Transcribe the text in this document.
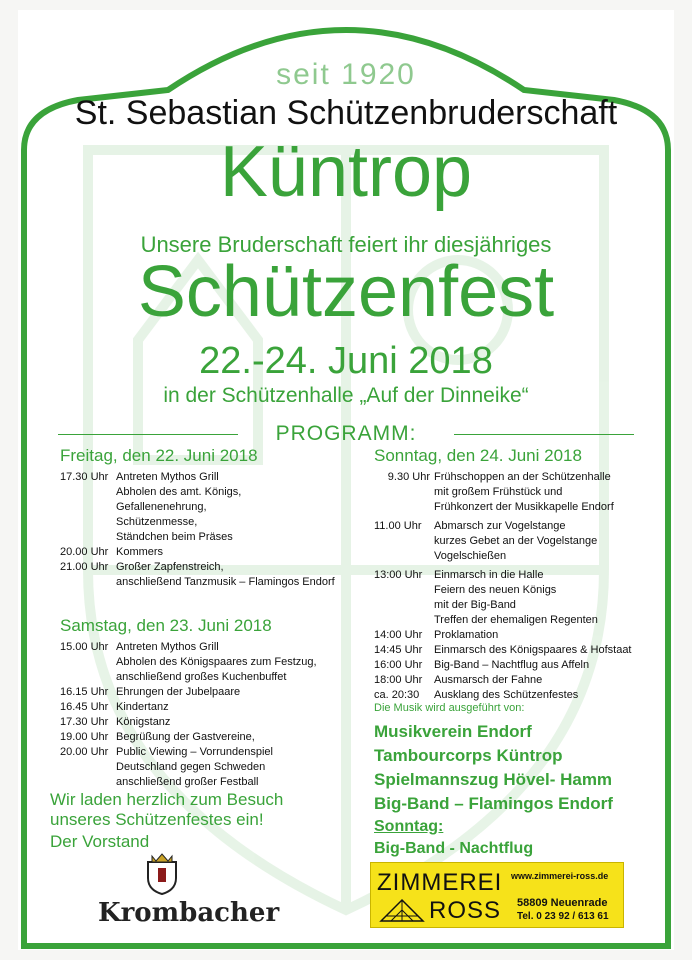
seit 1920
St. Sebastian Schützenbruderschaft
Küntrop
Unsere Bruderschaft feiert ihr diesjähriges
Schützenfest
22.-24. Juni 2018
in der Schützenhalle „Auf der Dinneike“
PROGRAMM:
Freitag, den 22. Juni 2018
17.30 Uhr Antreten Mythos Grill
Abholen des amt. Königs,
Gefallenenehrung,
Schützenmesse,
Ständchen beim Präses
20.00 Uhr Kommers
21.00 Uhr Großer Zapfenstreich,
anschließend Tanzmusik – Flamingos Endorf
Samstag, den 23. Juni 2018
15.00 Uhr Antreten Mythos Grill
Abholen des Königspaares zum Festzug,
anschließend großes Kuchenbuffet
16.15 Uhr Ehrungen der Jubelpaare
16.45 Uhr Kindertanz
17.30 Uhr Königstanz
19.00 Uhr Begrüßung der Gastvereine,
20.00 Uhr Public Viewing – Vorrundenspiel
Deutschland gegen Schweden
anschließend großer Festball
Wir laden herzlich zum Besuch
unseres Schützenfestes ein!
Der Vorstand
Krombacher
Sonntag, den 24. Juni 2018
9.30 Uhr Frühschoppen an der Schützenhalle
mit großem Frühstück und
Frühkonzert der Musikkapelle Endorf
11.00 Uhr	Abmarsch zur Vogelstange
kurzes Gebet an der Vogelstange
Vogelschießen
13:00 Uhr	Einmarsch in die Halle
Feiern des neuen Königs
mit der Big-Band
Treffen der ehemaligen Regenten
14:00 Uhr	Proklamation
14:45 Uhr	Einmarsch des Königspaares & Hofstaat
16:00 Uhr	Big-Band – Nachtflug aus Affeln
18:00 Uhr	Ausmarsch der Fahne
ca. 20:30	Ausklang des Schützenfestes
Die Musik wird ausgeführt von:
Musikverein Endorf
Tambourcorps Küntrop
Spielmannszug Hövel- Hamm
Big-Band – Flamingos Endorf
Sonntag:
Big-Band - Nachtflug
ZIMMEREI
ROSS
www.zimmerei-ross.de
58809 Neuenrade
Tel. 0 23 92 / 613 61
